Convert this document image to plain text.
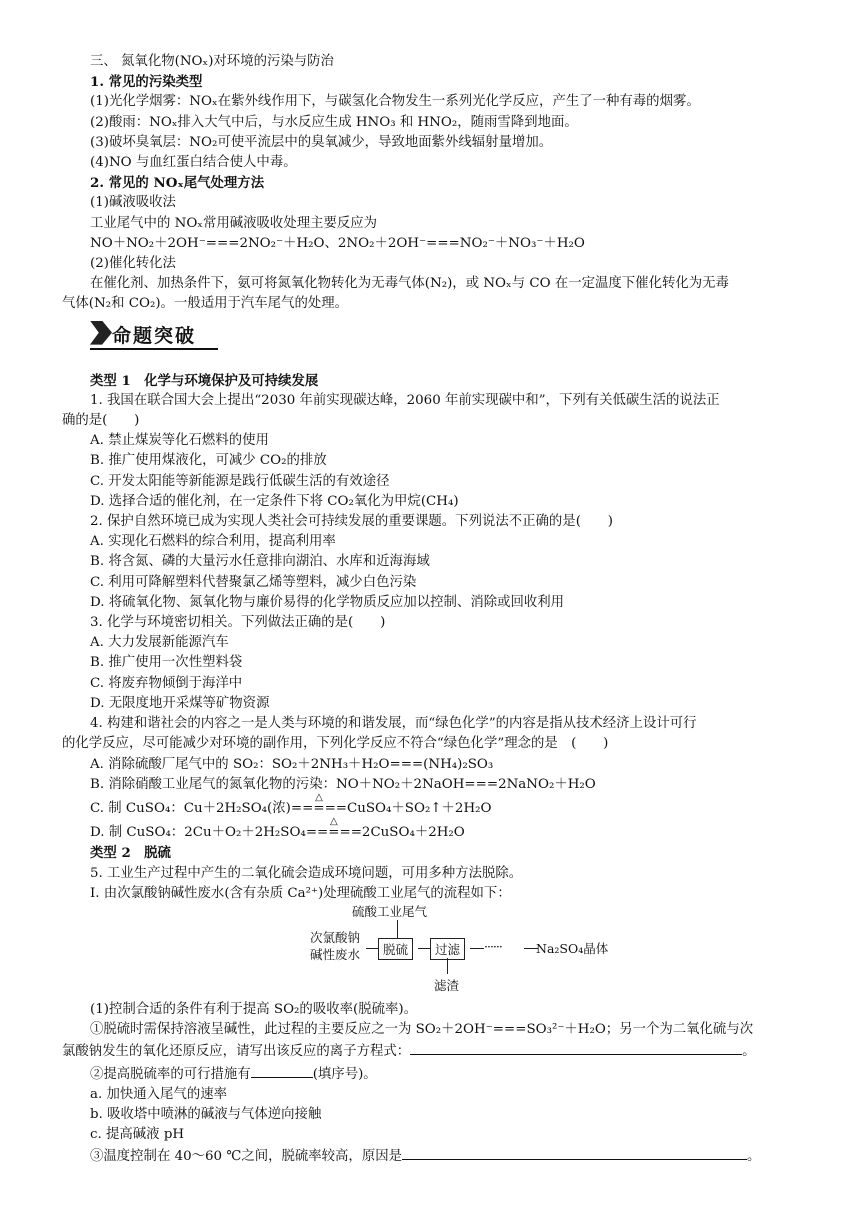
三、 氮氧化物(NOₓ)对环境的污染与防治
1. 常见的污染类型
(1)光化学烟雾：NOₓ在紫外线作用下，与碳氢化合物发生一系列光化学反应，产生了一种有毒的烟雾。
(2)酸雨：NOₓ排入大气中后，与水反应生成 HNO₃ 和 HNO₂，随雨雪降到地面。
(3)破坏臭氧层：NO₂可使平流层中的臭氧减少，导致地面紫外线辐射量增加。
(4)NO 与血红蛋白结合使人中毒。
2. 常见的 NOₓ尾气处理方法
(1)碱液吸收法
工业尾气中的 NOₓ常用碱液吸收处理主要反应为
NO＋NO₂＋2OH⁻===2NO₂⁻＋H₂O、2NO₂＋2OH⁻===NO₂⁻＋NO₃⁻＋H₂O
(2)催化转化法
在催化剂、加热条件下，氨可将氮氧化物转化为无毒气体(N₂)，或 NOₓ与 CO 在一定温度下催化转化为无毒
气体(N₂和 CO₂)。一般适用于汽车尾气的处理。
命题突破
类型 1　化学与环境保护及可持续发展
1. 我国在联合国大会上提出“2030 年前实现碳达峰，2060 年前实现碳中和”，下列有关低碳生活的说法正
确的是(　　)
A. 禁止煤炭等化石燃料的使用
B. 推广使用煤液化，可减少 CO₂的排放
C. 开发太阳能等新能源是践行低碳生活的有效途径
D. 选择合适的催化剂，在一定条件下将 CO₂氧化为甲烷(CH₄)
2. 保护自然环境已成为实现人类社会可持续发展的重要课题。下列说法不正确的是(　　)
A. 实现化石燃料的综合利用，提高利用率
B. 将含氮、磷的大量污水任意排向湖泊、水库和近海海域
C. 利用可降解塑料代替聚氯乙烯等塑料，减少白色污染
D. 将硫氧化物、氮氧化物与廉价易得的化学物质反应加以控制、消除或回收利用
3. 化学与环境密切相关。下列做法正确的是(　　)
A. 大力发展新能源汽车
B. 推广使用一次性塑料袋
C. 将废弃物倾倒于海洋中
D. 无限度地开采煤等矿物资源
4. 构建和谐社会的内容之一是人类与环境的和谐发展，而“绿色化学”的内容是指从技术经济上设计可行
的化学反应，尽可能减少对环境的副作用，下列化学反应不符合“绿色化学”理念的是　(　　)
A. 消除硫酸厂尾气中的 SO₂：SO₂＋2NH₃＋H₂O===(NH₄)₂SO₃
B. 消除硝酸工业尾气的氮氧化物的污染：NO＋NO₂＋2NaOH===2NaNO₂＋H₂O
C. 制 CuSO₄：Cu＋2H₂SO₄(浓)
△
=====CuSO₄＋SO₂↑＋2H₂O
D. 制 CuSO₄：2Cu＋O₂＋2H₂SO₄
△
=====2CuSO₄＋2H₂O
类型 2　脱硫
5. 工业生产过程中产生的二氧化硫会造成环境问题，可用多种方法脱除。
Ⅰ. 由次氯酸钠碱性废水(含有杂质 Ca²⁺)处理硫酸工业尾气的流程如下：
硫酸工业尾气
次氯酸钠
碱性废水	脱硫	过滤
滤渣
······	Na₂SO₄晶体
(1)控制合适的条件有利于提高 SO₂的吸收率(脱硫率)。
①脱硫时需保持溶液呈碱性，此过程的主要反应之一为 SO₂＋2OH⁻===SO₃²⁻＋H₂O；另一个为二氧化硫与次
氯酸钠发生的氧化还原反应，请写出该反应的离子方程式：	。
②提高脱硫率的可行措施有	(填序号)。
a. 加快通入尾气的速率
b. 吸收塔中喷淋的碱液与气体逆向接触
c. 提高碱液 pH
③温度控制在 40～60 ℃之间，脱硫率较高，原因是	。
